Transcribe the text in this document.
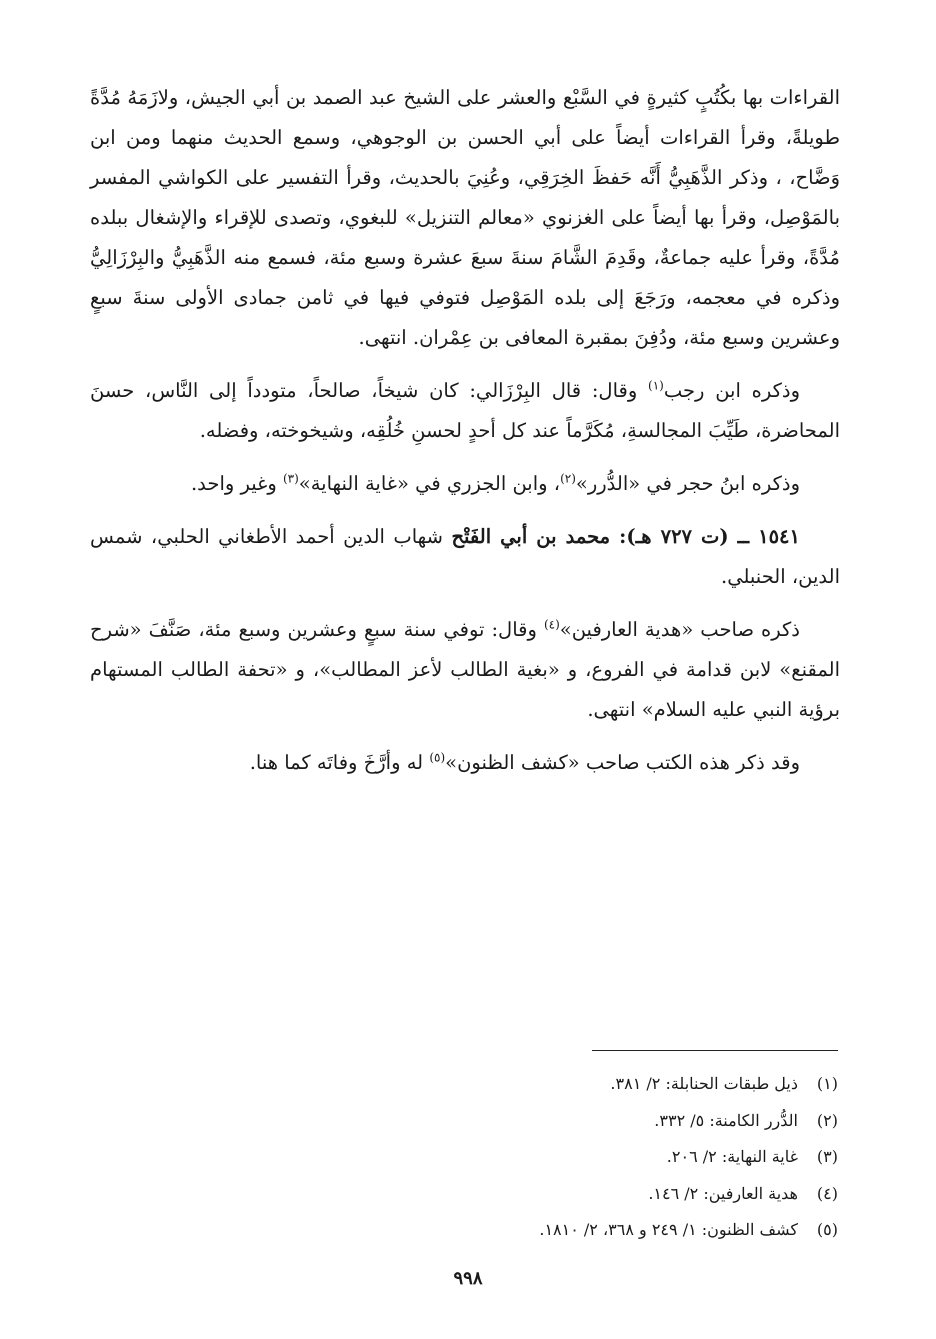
القراءات بها بكُتُبٍ كثيرةٍ في السَّبْع والعشر على الشيخ عبد الصمد بن أبي الجيش، ولازَمَهُ مُدَّةً طويلةً، وقرأ القراءات أيضاً على أبي الحسن بن الوجوهي، وسمع الحديث منهما ومن ابن وَضَّاح، ، وذكر الذَّهَبِيُّ أَنَّه حَفظَ الخِرَقِي، وعُنِيَ بالحديث، وقرأ التفسير على الكواشي المفسر بالمَوْصِل، وقرأ بها أيضاً على الغزنوي «معالم التنزيل» للبغوي، وتصدى للإقراء والإشغال ببلده مُدَّةً، وقرأ عليه جماعةٌ، وقَدِمَ الشَّامَ سنةَ سبعَ عشرة وسبع مئة، فسمع منه الذَّهَبِيُّ والبِرْزَالِيُّ وذكره في معجمه، ورَجَعَ إلى بلده المَوْصِل فتوفي فيها في ثامن جمادى الأولى سنةَ سبعٍ وعشرين وسبع مئة، ودُفِنَ بمقبرة المعافى بن عِمْران. انتهى.

وذكره ابن رجب$^{(١)}$ وقال: قال البِرْزَالي: كان شيخاً، صالحاً، متودداً إلى النَّاس، حسنَ المحاضرة، طَيِّبَ المجالسةِ، مُكَرَّماً عند كل أحدٍ لحسنِ خُلُقِه، وشيخوخته، وفضله.

وذكره ابنُ حجر في «الدُّرر»$^{(٢)}$، وابن الجزري في «غاية النهاية»$^{(٣)}$ وغير واحد.

١٥٤١ ــ (ت ٧٢٧ هـ): محمد بن أبي الفَتْح شهاب الدين أحمد الأطغاني الحلبي، شمس الدين، الحنبلي.

ذكره صاحب «هدية العارفين»$^{(٤)}$ وقال: توفي سنة سبعٍ وعشرين وسبع مئة، صَنَّفَ «شرح المقنع» لابن قدامة في الفروع، و «بغية الطالب لأعز المطالب»، و «تحفة الطالب المستهام برؤية النبي عليه السلام» انتهى.

وقد ذكر هذه الكتب صاحب «كشف الظنون»$^{(٥)}$ له وأرَّخَ وفاتَه كما هنا.

(١)
ذيل طبقات الحنابلة: ٢/ ٣٨١.
(٢)
الدُّرر الكامنة: ٥/ ٣٣٢.
(٣)
غاية النهاية: ٢/ ٢٠٦.
(٤)
هدية العارفين: ٢/ ١٤٦.
(٥)
كشف الظنون: ١/ ٢٤٩ و ٣٦٨، ٢/ ١٨١٠.
٩٩٨
